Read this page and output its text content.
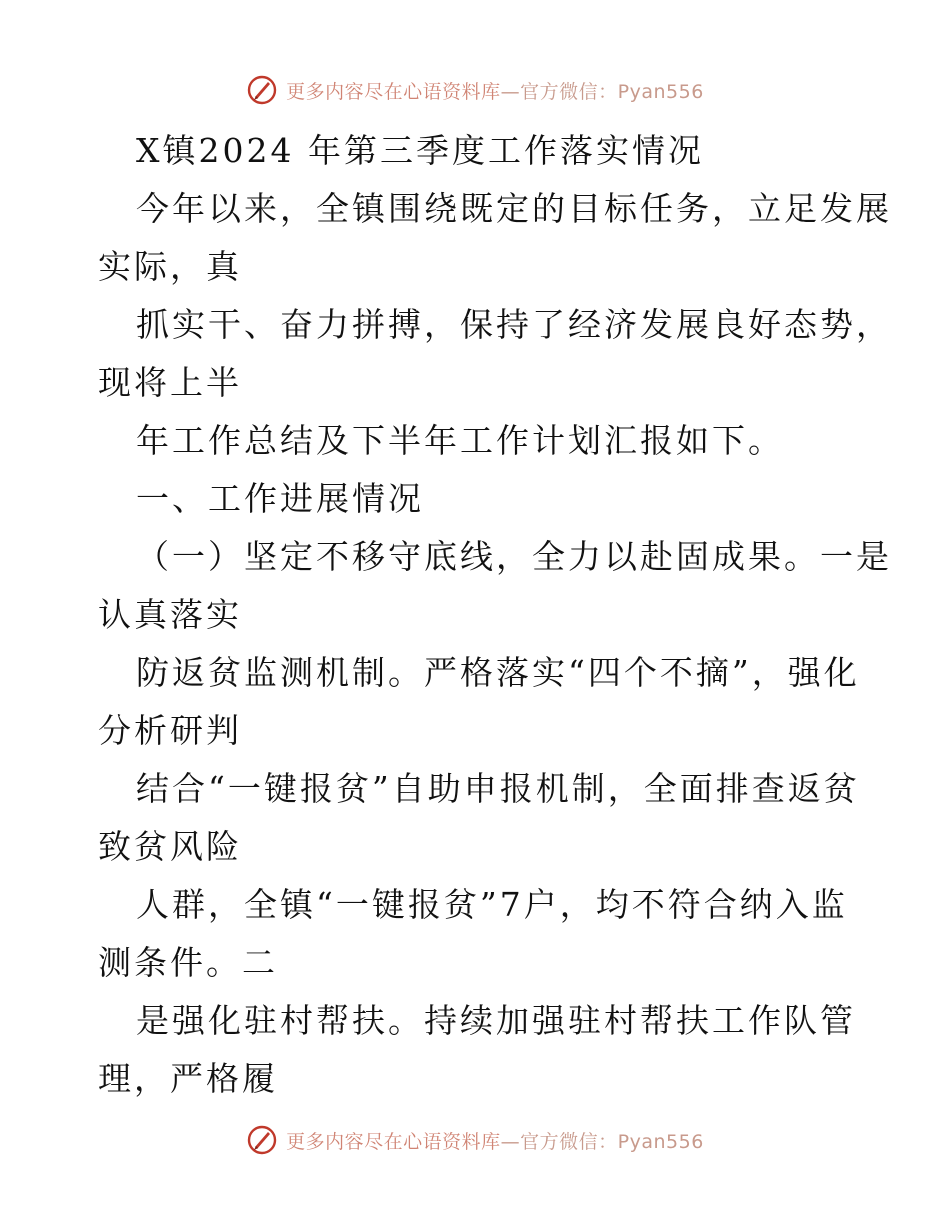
更多内容尽在心语资料库—官方微信：Pyan556
X镇2024 年第三季度工作落实情况
今年以来，全镇围绕既定的目标任务，立足发展
实际，真
抓实干、奋力拼搏，保持了经济发展良好态势，
现将上半
年工作总结及下半年工作计划汇报如下。
一、工作进展情况
（一）坚定不移守底线，全力以赴固成果。一是
认真落实
防返贫监测机制。严格落实“四个不摘”，强化
分析研判
结合“一键报贫”自助申报机制，全面排查返贫
致贫风险
人群，全镇“一键报贫”7户，均不符合纳入监
测条件。二
是强化驻村帮扶。持续加强驻村帮扶工作队管
理，严格履
更多内容尽在心语资料库—官方微信：Pyan556
